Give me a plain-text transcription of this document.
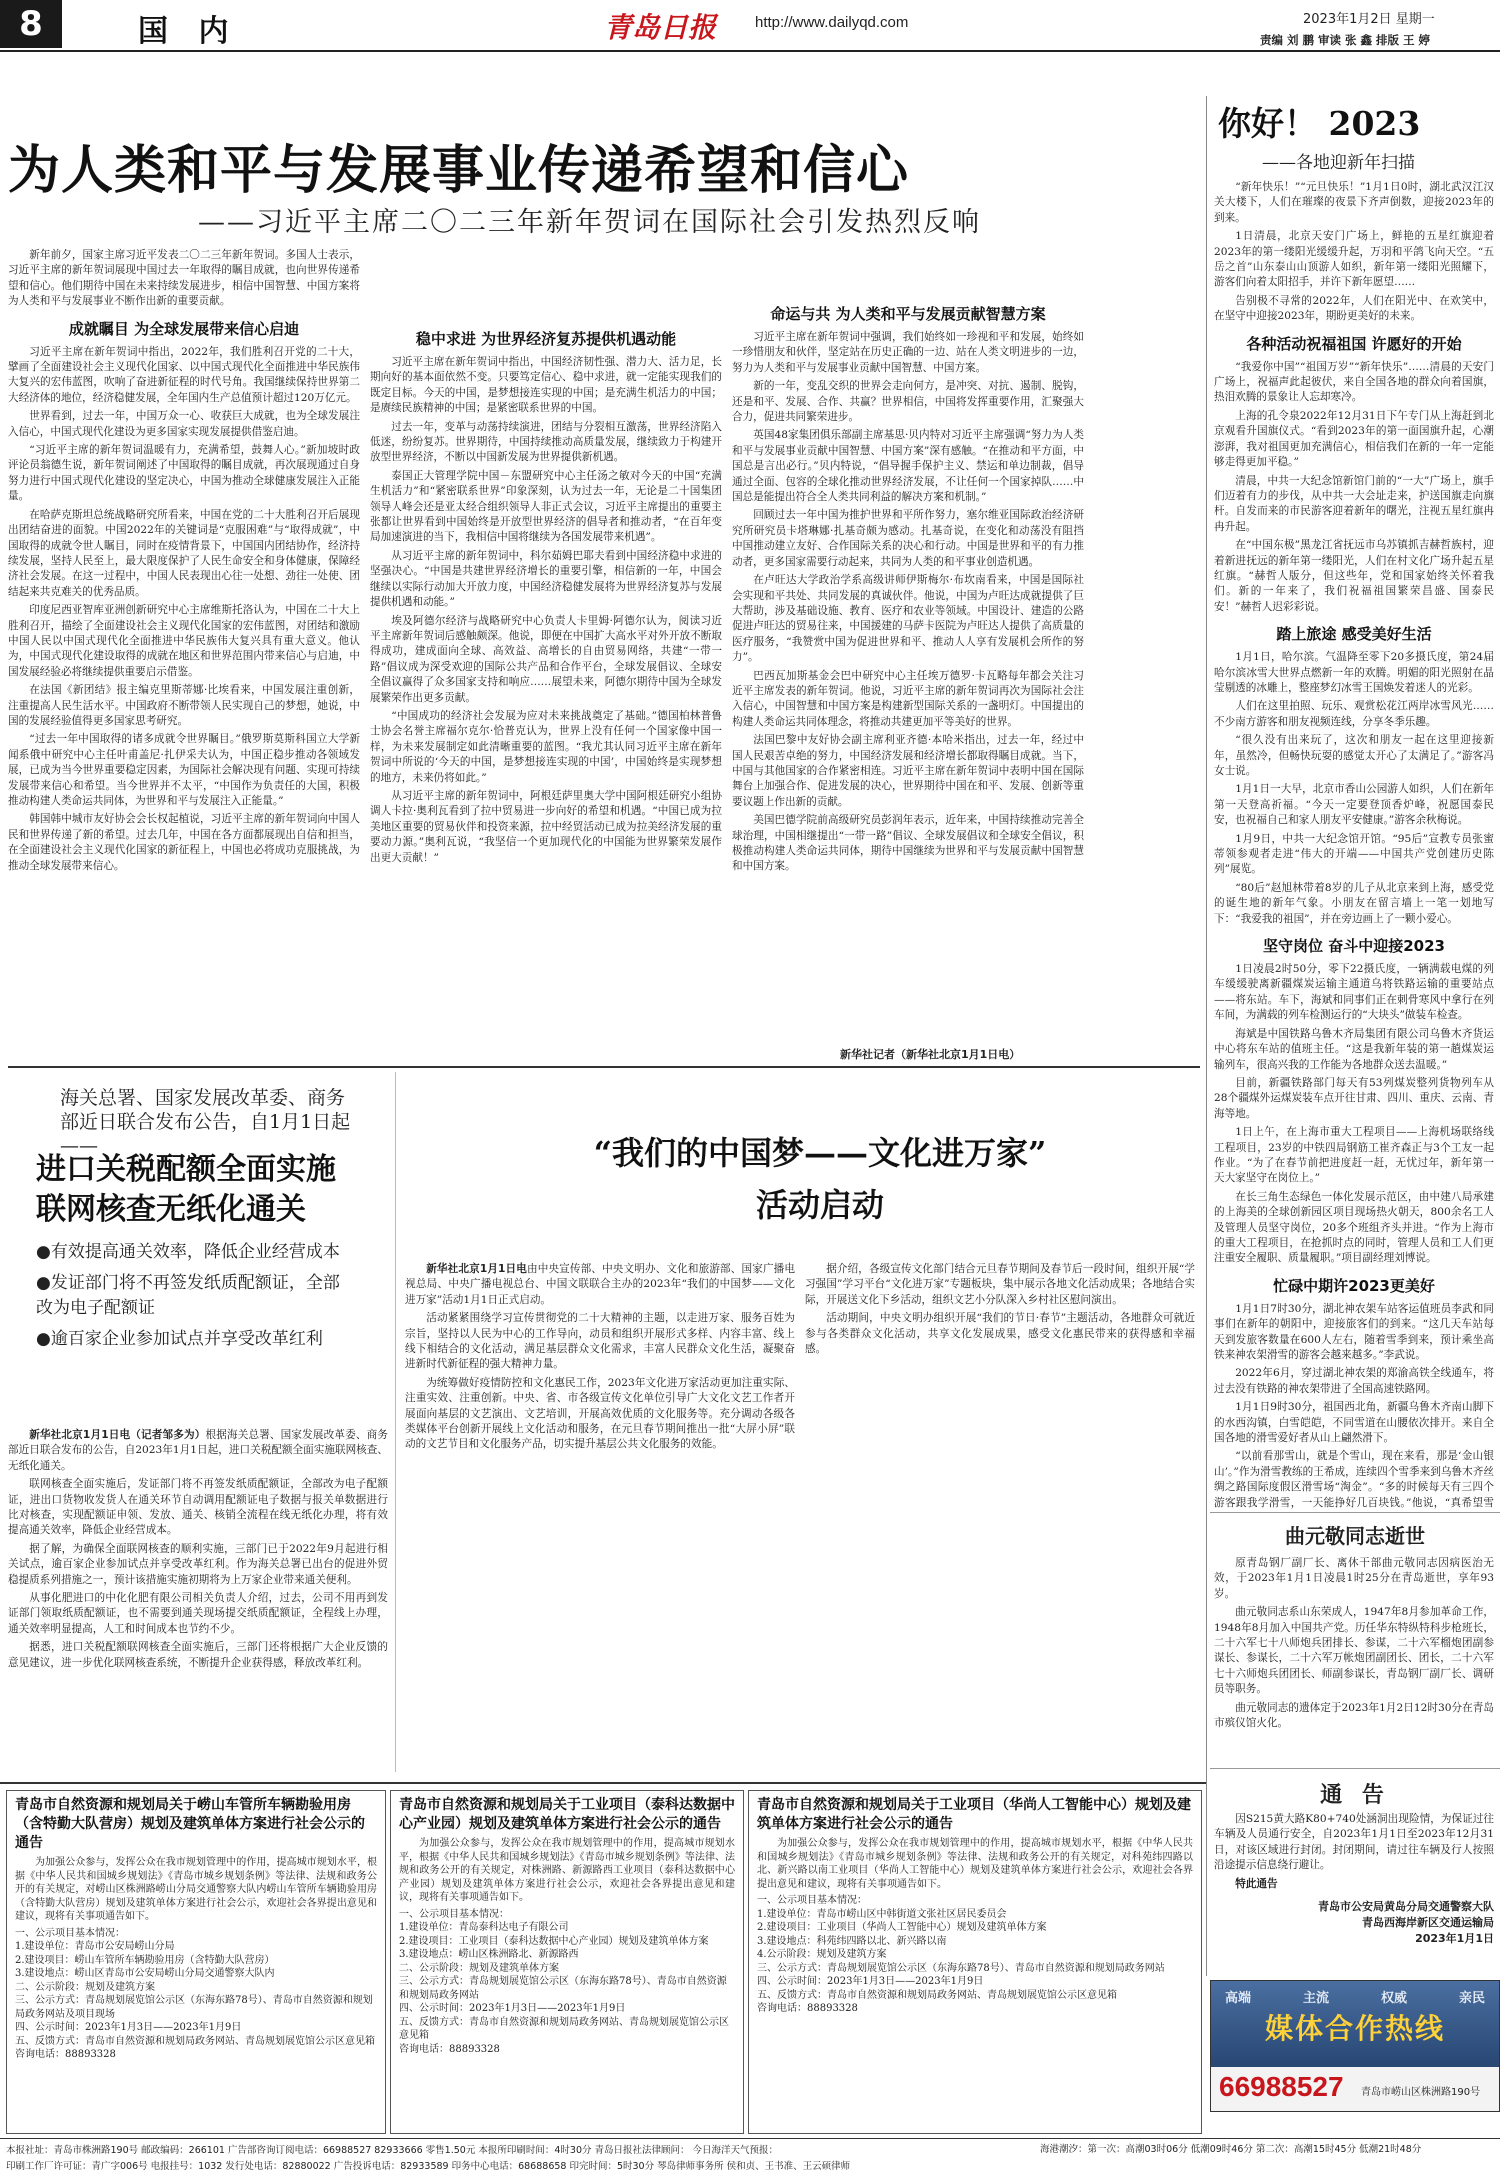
8	国 内	青岛日报	http://www.dailyqd.com	2023年1月2日 星期一
责编 刘 鹏 审读 张 鑫 排版 王 婷
为人类和平与发展事业传递希望和信心
——习近平主席二〇二三年新年贺词在国际社会引发热烈反响

新年前夕，国家主席习近平发表二〇二三年新年贺词。多国人士表示，习近平主席的新年贺词展现中国过去一年取得的瞩目成就，也向世界传递希望和信心。他们期待中国在未来持续发展进步，相信中国智慧、中国方案将为人类和平与发展事业不断作出新的重要贡献。

成就瞩目 为全球发展带来信心启迪

习近平主席在新年贺词中指出，2022年，我们胜利召开党的二十大，擘画了全面建设社会主义现代化国家、以中国式现代化全面推进中华民族伟大复兴的宏伟蓝图，吹响了奋进新征程的时代号角。我国继续保持世界第二大经济体的地位，经济稳健发展，全年国内生产总值预计超过120万亿元。

世界看到，过去一年，中国万众一心、收获巨大成就，也为全球发展注入信心，中国式现代化建设为更多国家实现发展提供借鉴启迪。

“习近平主席的新年贺词温暖有力，充满希望，鼓舞人心。”新加坡时政评论员翁德生说，新年贺词阐述了中国取得的瞩目成就，再次展现通过自身努力进行中国式现代化建设的坚定决心，中国为推动全球健康发展注入正能量。

在哈萨克斯坦总统战略研究所看来，中国在党的二十大胜利召开后展现出团结奋进的面貌。中国2022年的关键词是“克服困难”与“取得成就”，中国取得的成就令世人瞩目，同时在疫情背景下，中国国内团结协作，经济持续发展，坚持人民至上，最大限度保护了人民生命安全和身体健康，保障经济社会发展。在这一过程中，中国人民表现出心往一处想、劲往一处使、团结起来共克难关的优秀品质。

印度尼西亚智库亚洲创新研究中心主席维斯托洛认为，中国在二十大上胜利召开，描绘了全面建设社会主义现代化国家的宏伟蓝图，对团结和激励中国人民以中国式现代化全面推进中华民族伟大复兴具有重大意义。他认为，中国式现代化建设取得的成就在地区和世界范围内带来信心与启迪，中国发展经验必将继续提供重要启示借鉴。

在法国《新团结》报主编克里斯蒂娜·比埃看来，中国发展注重创新，注重提高人民生活水平。中国政府不断带领人民实现自己的梦想，她说，中国的发展经验值得更多国家思考研究。

“过去一年中国取得的诸多成就令世界瞩目。”俄罗斯莫斯科国立大学新闻系俄中研究中心主任叶甫盖尼·扎伊采夫认为，中国正稳步推动各领域发展，已成为当今世界重要稳定因素，为国际社会解决现有问题、实现可持续发展带来信心和希望。当今世界并不太平，“中国作为负责任的大国，积极推动构建人类命运共同体，为世界和平与发展注入正能量。”

韩国韩中城市友好协会会长权起植说，习近平主席的新年贺词向中国人民和世界传递了新的希望。过去几年，中国在各方面都展现出自信和担当，在全面建设社会主义现代化国家的新征程上，中国也必将成功克服挑战，为推动全球发展带来信心。

稳中求进 为世界经济复苏提供机遇动能

习近平主席在新年贺词中指出，中国经济韧性强、潜力大、活力足，长期向好的基本面依然不变。只要笃定信心、稳中求进，就一定能实现我们的既定目标。今天的中国，是梦想接连实现的中国；是充满生机活力的中国；是赓续民族精神的中国；是紧密联系世界的中国。

过去一年，变革与动荡持续演进，团结与分裂相互激荡，世界经济陷入低迷，纷纷复苏。世界期待，中国持续推动高质量发展，继续致力于构建开放型世界经济，不断以中国新发展为世界提供新机遇。

泰国正大管理学院中国－东盟研究中心主任汤之敏对今天的中国“充满生机活力”和“紧密联系世界”印象深刻，认为过去一年，无论是二十国集团领导人峰会还是亚太经合组织领导人非正式会议，习近平主席提出的重要主张都让世界看到中国始终是开放型世界经济的倡导者和推动者，“在百年变局加速演进的当下，我相信中国将继续为各国发展带来机遇”。

从习近平主席的新年贺词中，科尔茹姆巴耶夫看到中国经济稳中求进的坚强决心。“中国是共建世界经济增长的重要引擎，相信新的一年，中国会继续以实际行动加大开放力度，中国经济稳健发展将为世界经济复苏与发展提供机遇和动能。”

埃及阿德尔经济与战略研究中心负责人卡里姆·阿德尔认为，阅读习近平主席新年贺词后感触颇深。他说，即便在中国扩大高水平对外开放不断取得成功，建成面向全球、高效益、高增长的自由贸易网络，共建“一带一路”倡议成为深受欢迎的国际公共产品和合作平台，全球发展倡议、全球安全倡议赢得了众多国家支持和响应……展望未来，阿德尔期待中国为全球发展繁荣作出更多贡献。

“中国成功的经济社会发展为应对未来挑战奠定了基础。”德国柏林普鲁士协会名誉主席福尔克尔·恰普克认为，世界上没有任何一个国家像中国一样，为未来发展制定如此清晰重要的蓝图。“我尤其认同习近平主席在新年贺词中所说的‘今天的中国，是梦想接连实现的中国’，中国始终是实现梦想的地方，未来仍将如此。”

从习近平主席的新年贺词中，阿根廷萨里奥大学中国阿根廷研究小组协调人卡拉·奥利瓦看到了拉中贸易进一步向好的希望和机遇。“中国已成为拉美地区重要的贸易伙伴和投资来源，拉中经贸活动已成为拉美经济发展的重要动力源。”奥利瓦说，“我坚信一个更加现代化的中国能为世界繁荣发展作出更大贡献！”

命运与共 为人类和平与发展贡献智慧方案

习近平主席在新年贺词中强调，我们始终如一珍视和平和发展，始终如一珍惜朋友和伙伴，坚定站在历史正确的一边、站在人类文明进步的一边，努力为人类和平与发展事业贡献中国智慧、中国方案。

新的一年，变乱交织的世界会走向何方，是冲突、对抗、遏制、脱钩，还是和平、发展、合作、共赢？世界相信，中国将发挥重要作用，汇聚强大合力，促进共同繁荣进步。

英国48家集团俱乐部副主席基思·贝内特对习近平主席强调“努力为人类和平与发展事业贡献中国智慧、中国方案”深有感触。“在推动和平方面，中国总是言出必行。”贝内特说，“倡导握手保护主义、禁运和单边制裁，倡导通过全面、包容的全球化推动世界经济发展，不让任何一个国家掉队……中国总是能提出符合全人类共同利益的解决方案和机制。”

回顾过去一年中国为推护世界和平所作努力，塞尔维亚国际政治经济研究所研究员卡塔琳娜·扎基奇颇为感动。扎基奇说，在变化和动荡没有阻挡中国推动建立友好、合作国际关系的决心和行动。中国是世界和平的有力推动者，更多国家需要行动起来，共同为人类的和平事业创造机遇。

在卢旺达大学政治学系高级讲师伊斯梅尔·布坎南看来，中国是国际社会实现和平共处、共同发展的真诚伙伴。他说，中国为卢旺达成就提供了巨大帮助，涉及基础设施、教育、医疗和农业等领域。中国设计、建造的公路促进卢旺达的贸易往来，中国援建的马萨卡医院为卢旺达人提供了高质量的医疗服务，“我赞赏中国为促进世界和平、推动人人享有发展机会所作的努力”。

巴西瓦加斯基金会巴中研究中心主任埃万德罗·卡瓦略每年都会关注习近平主席发表的新年贺词。他说，习近平主席的新年贺词再次为国际社会注入信心，中国智慧和中国方案是构建新型国际关系的一盏明灯。中国提出的构建人类命运共同体理念，将推动共建更加平等美好的世界。

法国巴黎中友好协会副主席利亚齐德·本哈米指出，过去一年，经过中国人民艰苦卓绝的努力，中国经济发展和经济增长都取得瞩目成就。当下，中国与其他国家的合作紧密相连。习近平主席在新年贺词中表明中国在国际舞台上加强合作、促进发展的决心，世界期待中国在和平、发展、创新等重要议题上作出新的贡献。

美国巴德学院前高级研究员彭润年表示，近年来，中国持续推动完善全球治理，中国相继提出“一带一路”倡议、全球发展倡议和全球安全倡议，积极推动构建人类命运共同体，期待中国继续为世界和平与发展贡献中国智慧和中国方案。

新华社记者（新华社北京1月1日电）
你好！ 2023
——各地迎新年扫描

“新年快乐！”“元旦快乐！”1月1日0时，湖北武汉江汉关大楼下，人们在璀璨的夜景下齐声倒数，迎接2023年的到来。

1日清晨，北京天安门广场上，鲜艳的五星红旗迎着2023年的第一缕阳光缓缓升起，万羽和平鸽飞向天空。“五岳之首”山东泰山山顶游人如织，新年第一缕阳光照耀下，游客们向着太阳招手，并许下新年愿望……

告别极不寻常的2022年，人们在阳光中、在欢笑中，在坚守中迎接2023年，期盼更美好的未来。

各种活动祝福祖国 许愿好的开始

“我爱你中国”“祖国万岁”“新年快乐”……清晨的天安门广场上，祝福声此起彼伏，来自全国各地的群众向着国旗，热泪欢腾的景象让人忘却寒冷。

上海的孔令泉2022年12月31日下午专门从上海赶到北京观看升国旗仪式。“看到2023年的第一面国旗升起，心潮澎湃，我对祖国更加充满信心，相信我们在新的一年一定能够走得更加平稳。”

清晨，中共一大纪念馆新馆门前的“一大”广场上，旗手们迈着有力的步伐，从中共一大会址走来，护送国旗走向旗杆。自发而来的市民游客迎着新年的曙光，注视五星红旗冉冉升起。

在“中国东极”黑龙江省抚远市乌苏镇抓吉赫哲族村，迎着新进抚远的新年第一缕阳光，人们在村文化广场升起五星红旗。“赫哲人版分，但这些年，党和国家始终关怀着我们。新的一年来了，我们祝福祖国繁荣昌盛、国泰民安！”赫哲人迟彩彩说。

踏上旅途 感受美好生活

1月1日，哈尔滨。气温降至零下20多摄氏度，第24届哈尔滨冰雪大世界点燃新一年的欢腾。明媚的阳光照射在晶莹剔透的冰雕上，整座梦幻冰雪王国焕发着迷人的光彩。

人们在这里拍照、玩乐、观赏松花江两岸冰雪风光……不少南方游客和朋友视频连线，分享冬季乐趣。

“很久没有出来玩了，这次和朋友一起在这里迎接新年，虽然冷，但畅快玩耍的感觉太开心了太满足了。”游客冯女士说。

1月1日一大早，北京市香山公园游人如织，人们在新年第一天登高祈福。“今天一定要登顶香炉峰，祝愿国泰民安，也祝福自己和家人朋友平安健康。”游客余秋梅说。

1月9日，中共一大纪念馆开馆。“95后”宣教专员张蜜蒂领参观者走进“伟大的开端——中国共产党创建历史陈列”展览。

“80后”赵旭林带着8岁的儿子从北京来到上海，感受党的诞生地的新年气象。小朋友在留言墙上一笔一划地写下：“我爱我的祖国”，并在旁边画上了一颗小爱心。

坚守岗位 奋斗中迎接2023

1日凌晨2时50分，零下22摄氏度，一辆满载电煤的列车缓缓驶离新疆煤炭运输主通道乌将铁路运输的重要站点——将东站。车下，海斌和同事们正在刺骨寒风中拿行在列车间，为满载的列车检测运行的“大块头”做装车检查。

海斌是中国铁路乌鲁木齐局集团有限公司乌鲁木齐货运中心将东车站的值班主任。“这是我新年装的第一趟煤炭运输列车，很高兴我的工作能为各地群众送去温暖。”

目前，新疆铁路部门每天有53列煤炭整列货物列车从28个疆煤外运煤炭装车点开往甘肃、四川、重庆、云南、青海等地。

1日上午，在上海市重大工程项目——上海机场联络线工程项目，23岁的中铁四局钢筋工崔齐森正与3个工友一起作业。“为了在春节前把进度赶一赶，无忧过年，新年第一天大家坚守在岗位上。”

在长三角生态绿色一体化发展示范区，由中建八局承建的上海美的全球创新园区项目现场热火朝天，800余名工人及管理人员坚守岗位，20多个班组齐头并进。“作为上海市的重大工程项目，在抢抓时点的同时，管理人员和工人们更注重安全履职、质量履职。”项目副经理刘博说。

忙碌中期许2023更美好

1月1日7时30分，湖北神农架车站客运值班员李武和同事们在新年的朝阳中，迎接旅客们的到来。“这几天车站每天到发旅客数量在600人左右，随着雪季到来，预计乘坐高铁来神农架滑雪的游客会越来越多。”李武说。

2022年6月，穿过湖北神农架的郑渝高铁全线通车，将过去没有铁路的神农架带进了全国高速铁路网。

1月1日9时30分，祖国西北角，新疆乌鲁木齐南山脚下的水西沟镇，白雪皑皑，不同雪道在山腰依次排开。来自全国各地的滑雪爱好者从山上翩然滑下。

“以前看那雪山，就是个雪山，现在来看，那是‘金山银山’。”作为滑雪教练的王希成，连续四个雪季来到乌鲁木齐丝绸之路国际度假区滑雪场“淘金”。“多的时候每天有三四个游客跟我学滑雪，一天能挣好几百块钱。”他说，“真希望雪

海关总署、国家发展改革委、商务部近日联合发布公告，自1月1日起——
进口关税配额全面实施联网核查无纸化通关
●有效提高通关效率，降低企业经营成本
●发证部门将不再签发纸质配额证，全部改为电子配额证
●逾百家企业参加试点并享受改革红利

新华社北京1月1日电（记者邹多为）根据海关总署、国家发展改革委、商务部近日联合发布的公告，自2023年1月1日起，进口关税配额全面实施联网核查、无纸化通关。

联网核查全面实施后，发证部门将不再签发纸质配额证，全部改为电子配额证，进出口货物收发货人在通关环节自动调用配额证电子数据与报关单数据进行比对核查，实现配额证申领、发放、通关、核销全流程在线无纸化办理，将有效提高通关效率，降低企业经营成本。

据了解，为确保全面联网核查的顺利实施，三部门已于2022年9月起进行相关试点，逾百家企业参加试点并享受改革红利。作为海关总署已出台的促进外贸稳提质系列措施之一，预计该措施实施初期将为上万家企业带来通关便利。

从事化肥进口的中化化肥有限公司相关负责人介绍，过去，公司不用再到发证部门领取纸质配额证，也不需要到通关现场提交纸质配额证，全程线上办理，通关效率明显提高，人工和时间成本也节约不少。

据悉，进口关税配额联网核查全面实施后，三部门还将根据广大企业反馈的意见建议，进一步优化联网核查系统，不断提升企业获得感，释放改革红利。

“我们的中国梦——文化进万家”
活动启动

新华社北京1月1日电由中央宣传部、中央文明办、文化和旅游部、国家广播电视总局、中央广播电视总台、中国文联联合主办的2023年“我们的中国梦——文化进万家”活动1月1日正式启动。

活动紧紧围绕学习宣传贯彻党的二十大精神的主题，以走进万家、服务百姓为宗旨，坚持以人民为中心的工作导向，动员和组织开展形式多样、内容丰富、线上线下相结合的文化活动，满足基层群众文化需求，丰富人民群众文化生活，凝聚奋进新时代新征程的强大精神力量。

为统筹做好疫情防控和文化惠民工作，2023年文化进万家活动更加注重实际、注重实效、注重创新。中央、省、市各级宣传文化单位引导广大文化文艺工作者开展面向基层的文艺演出、文艺培训，开展高效优质的文化服务等。充分调动各级各类媒体平台创新开展线上文化活动和服务，在元旦春节期间推出一批“大屏小屏”联动的文艺节目和文化服务产品，切实提升基层公共文化服务的效能。

据介绍，各级宣传文化部门结合元旦春节期间及春节后一段时间，组织开展“学习强国”学习平台“文化进万家”专题板块，集中展示各地文化活动成果；各地结合实际，开展送文化下乡活动，组织文艺小分队深入乡村社区慰问演出。

活动期间，中央文明办组织开展“我们的节日·春节”主题活动，各地群众可就近参与各类群众文化活动，共享文化发展成果，感受文化惠民带来的获得感和幸福感。

曲元敬同志逝世

原青岛钢厂副厂长、离休干部曲元敬同志因病医治无效，于2023年1月1日凌晨1时25分在青岛逝世，享年93岁。

曲元敬同志系山东荣成人，1947年8月参加革命工作，1948年8月加入中国共产党。历任华东特纵特科步枪班长，二十六军七十八师炮兵团排长、参谋，二十六军榴炮团副参谋长、参谋长，二十六军万帐炮团副团长、团长，二十六军七十六师炮兵团团长、师副参谋长，青岛钢厂副厂长、调研员等职务。

曲元敬同志的遗体定于2023年1月2日12时30分在青岛市殡仪馆火化。

通 告

因S215黄大路K80+740处涵洞出现险情，为保证过往车辆及人员通行安全，自2023年1月1日至2023年12月31日，对该区域进行封闭。封闭期间，请过往车辆及行人按照沿途提示信息绕行避让。

特此通告

青岛市公安局黄岛分局交通警察大队
青岛西海岸新区交通运输局
2023年1月1日
高端	主流	权威	亲民
媒体合作热线
66988527 青岛市崂山区株洲路190号
青岛市自然资源和规划局关于崂山车管所车辆勘验用房（含特勤大队营房）规划及建筑单体方案进行社会公示的通告

为加强公众参与，发挥公众在我市规划管理中的作用，提高城市规划水平，根据《中华人民共和国城乡规划法》《青岛市城乡规划条例》等法律、法规和政务公开的有关规定，对崂山区株洲路崂山分局交通警察大队内崂山车管所车辆勘验用房（含特勤大队营房）规划及建筑单体方案进行社会公示，欢迎社会各界提出意见和建议，现将有关事项通告如下。

一、公示项目基本情况：
1.建设单位：青岛市公安局崂山分局
2.建设项目：崂山车管所车辆勘验用房（含特勤大队营房）
3.建设地点：崂山区青岛市公安局崂山分局交通警察大队内
二、公示阶段：规划及建筑方案
三、公示方式：青岛规划展览馆公示区（东海东路78号）、青岛市自然资源和规划局政务网站及项目现场
四、公示时间：2023年1月3日——2023年1月9日
五、反馈方式：青岛市自然资源和规划局政务网站、青岛规划展览馆公示区意见箱
咨询电话：88893328
青岛市自然资源和规划局关于工业项目（泰科达数据中心产业园）规划及建筑单体方案进行社会公示的通告

为加强公众参与，发挥公众在我市规划管理中的作用，提高城市规划水平，根据《中华人民共和国城乡规划法》《青岛市城乡规划条例》等法律、法规和政务公开的有关规定，对株洲路、新源路西工业项目（泰科达数据中心产业园）规划及建筑单体方案进行社会公示，欢迎社会各界提出意见和建议，现将有关事项通告如下。

一、公示项目基本情况：
1.建设单位：青岛泰科达电子有限公司
2.建设项目：工业项目（泰科达数据中心产业园）规划及建筑单体方案
3.建设地点：崂山区株洲路北、新源路西
二、公示阶段：规划及建筑单体方案
三、公示方式：青岛规划展览馆公示区（东海东路78号）、青岛市自然资源和规划局政务网站
四、公示时间：2023年1月3日——2023年1月9日
五、反馈方式：青岛市自然资源和规划局政务网站、青岛规划展览馆公示区意见箱
咨询电话：88893328
青岛市自然资源和规划局关于工业项目（华尚人工智能中心）规划及建筑单体方案进行社会公示的通告

为加强公众参与，发挥公众在我市规划管理中的作用，提高城市规划水平，根据《中华人民共和国城乡规划法》《青岛市城乡规划条例》等法律、法规和政务公开的有关规定，对科苑纬四路以北、新兴路以南工业项目（华尚人工智能中心）规划及建筑单体方案进行社会公示，欢迎社会各界提出意见和建议，现将有关事项通告如下。

一、公示项目基本情况：
1.建设单位：青岛市崂山区中韩街道文张社区居民委员会
2.建设项目：工业项目（华尚人工智能中心）规划及建筑单体方案
3.建设地点：科苑纬四路以北、新兴路以南
4.公示阶段：规划及建筑方案
三、公示方式：青岛规划展览馆公示区（东海东路78号）、青岛市自然资源和规划局政务网站
四、公示时间：2023年1月3日——2023年1月9日
五、反馈方式：青岛市自然资源和规划局政务网站、青岛规划展览馆公示区意见箱
咨询电话：88893328
本报社址：青岛市株洲路190号 邮政编码：266101 广告部咨询订阅电话：66988527 82933666 零售1.50元 本报所印刷时间：4时30分 青岛日报社法律顾问： 今日海洋天气预报：
印刷工作厂许可证：青广字006号 电报挂号：1032 发行处电话：82880022 广告投诉电话：82933589 印务中心电话：68688658 印完时间：5时30分 琴岛律师事务所 侯和贞、王书准、王云硕律师
海港潮汐：第一次：高潮03时06分 低潮09时46分 第二次：高潮15时45分 低潮21时48分
